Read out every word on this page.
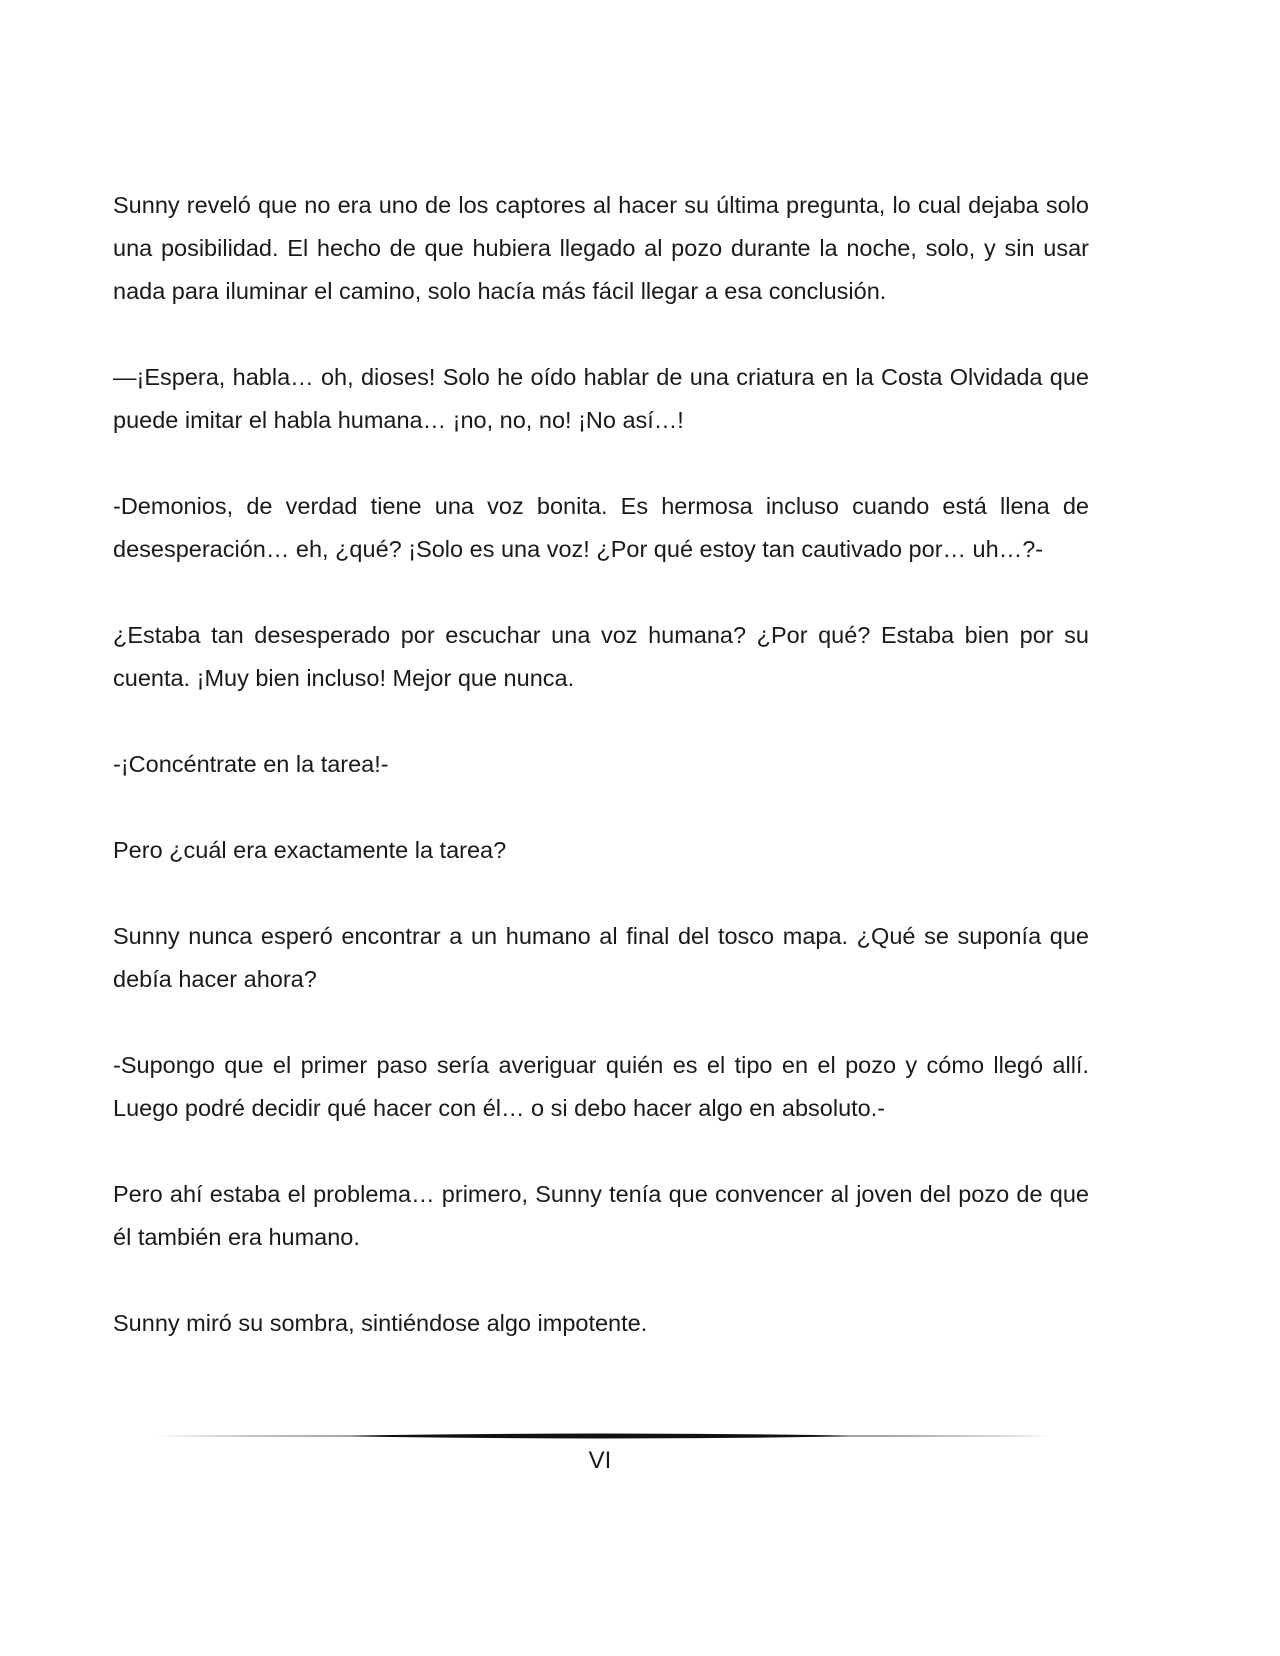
Sunny reveló que no era uno de los captores al hacer su última pregunta, lo cual dejaba solo una posibilidad. El hecho de que hubiera llegado al pozo durante la noche, solo, y sin usar nada para iluminar el camino, solo hacía más fácil llegar a esa conclusión.

—¡Espera, habla… oh, dioses! Solo he oído hablar de una criatura en la Costa Olvidada que puede imitar el habla humana… ¡no, no, no! ¡No así…!

-Demonios, de verdad tiene una voz bonita. Es hermosa incluso cuando está llena de desesperación… eh, ¿qué? ¡Solo es una voz! ¿Por qué estoy tan cautivado por… uh…?-

¿Estaba tan desesperado por escuchar una voz humana? ¿Por qué? Estaba bien por su cuenta. ¡Muy bien incluso! Mejor que nunca.

-¡Concéntrate en la tarea!-

Pero ¿cuál era exactamente la tarea?

Sunny nunca esperó encontrar a un humano al final del tosco mapa. ¿Qué se suponía que debía hacer ahora?

-Supongo que el primer paso sería averiguar quién es el tipo en el pozo y cómo llegó allí. Luego podré decidir qué hacer con él… o si debo hacer algo en absoluto.-

Pero ahí estaba el problema… primero, Sunny tenía que convencer al joven del pozo de que él también era humano.

Sunny miró su sombra, sintiéndose algo impotente.

VI
